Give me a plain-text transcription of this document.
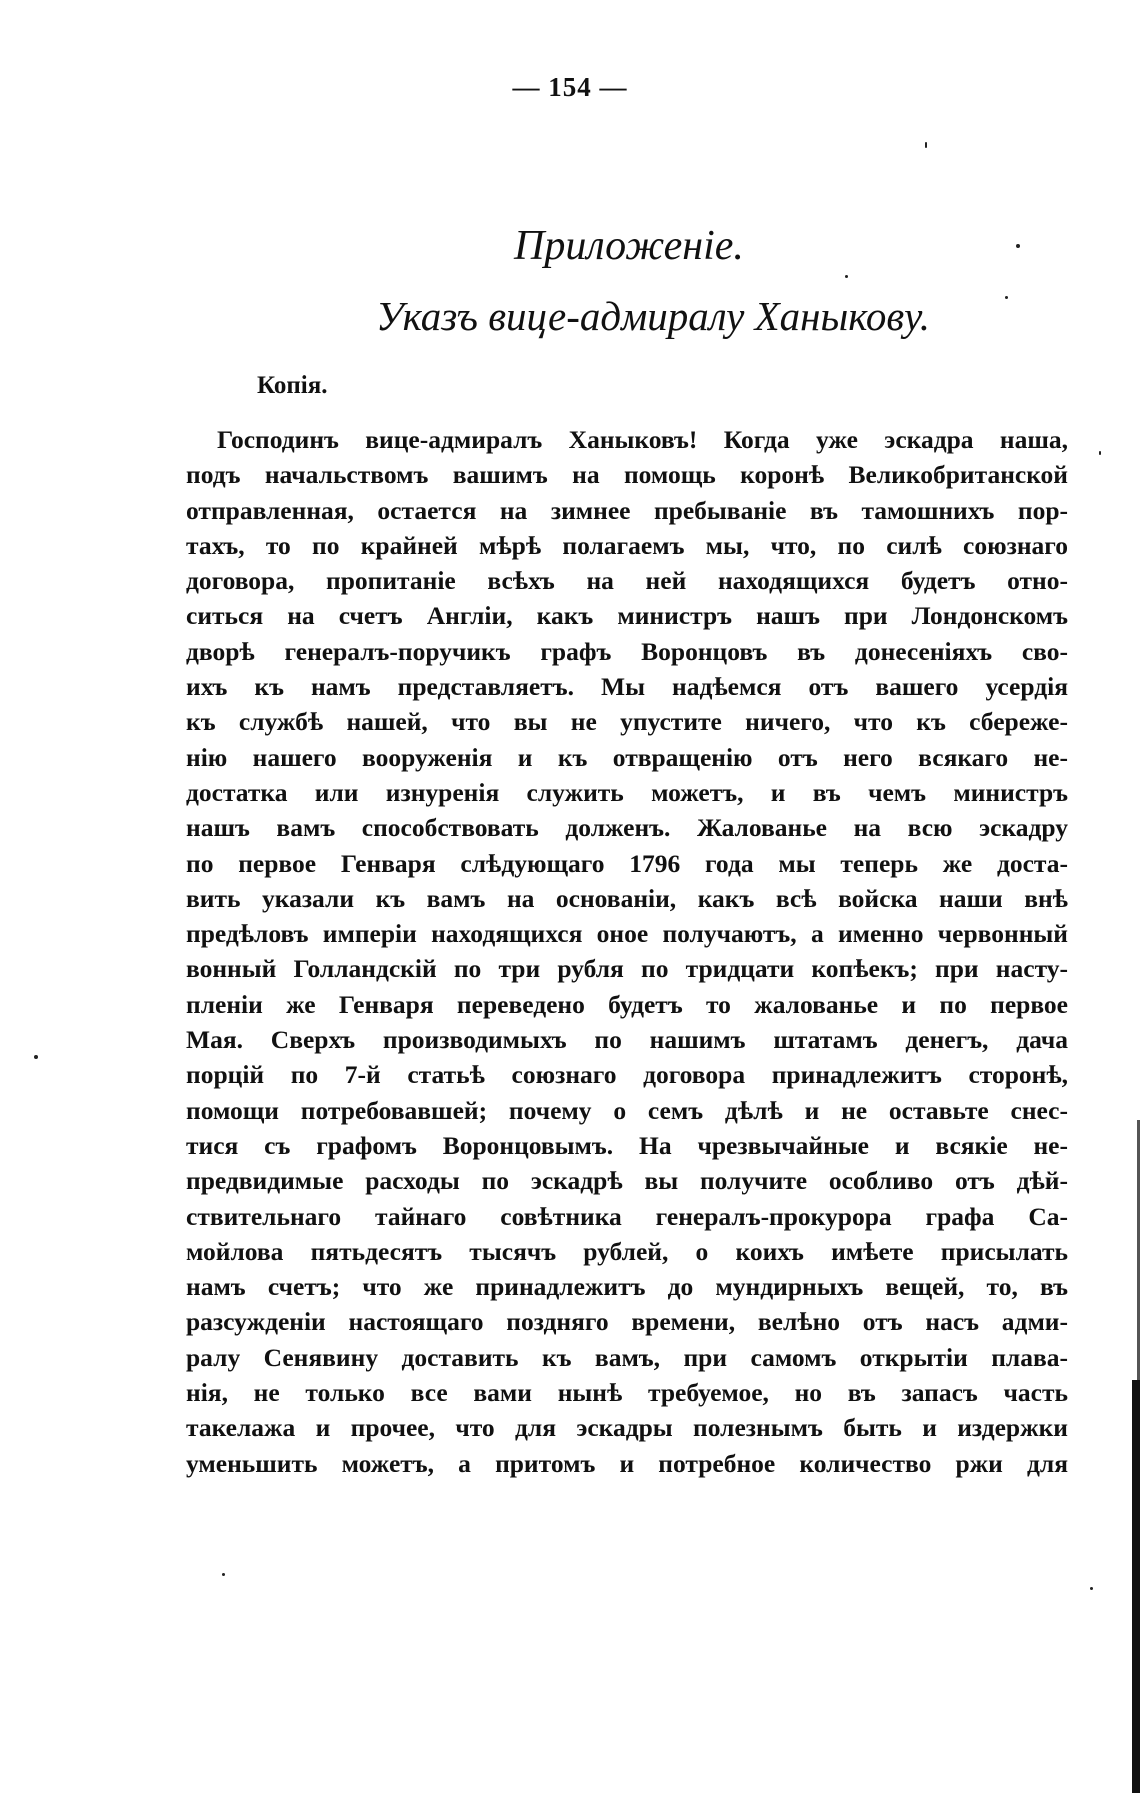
— 154 —
Приложеніе.
Указъ вице-адмиралу Ханыкову.
Копія.
Господинъ вице-адмиралъ Ханыковъ! Когда уже эскадра наша,
подъ начальствомъ вашимъ на помощь коронѣ Великобританской
отправленная, остается на зимнее пребываніе въ тамошнихъ пор-
тахъ, то по крайней мѣрѣ полагаемъ мы, что, по силѣ союзнаго
договора, пропитаніе всѣхъ на ней находящихся будетъ отно-
ситься на счетъ Англіи, какъ министръ нашъ при Лондонскомъ
дворѣ генералъ-поручикъ графъ Воронцовъ въ донесеніяхъ сво-
ихъ къ намъ представляетъ. Мы надѣемся отъ вашего усердія
къ службѣ нашей, что вы не упустите ничего, что къ сбереже-
нію нашего вооруженія и къ отвращенію отъ него всякаго не-
достатка или изнуренія служить можетъ, и въ чемъ министръ
нашъ вамъ способствовать долженъ. Жалованье на всю эскадру
по первое Генваря слѣдующаго 1796 года мы теперь же доста-
вить указали къ вамъ на основаніи, какъ всѣ войска наши внѣ
предѣловъ имперіи находящихся оное получаютъ, а именно червонный
вонный Голландскій по три рубля по тридцати копѣекъ; при насту-
пленіи же Генваря переведено будетъ то жалованье и по первое
Мая. Сверхъ производимыхъ по нашимъ штатамъ денегъ, дача
порцій по 7-й статьѣ союзнаго договора принадлежитъ сторонѣ,
помощи потребовавшей; почему о семъ дѣлѣ и не оставьте снес-
тися съ графомъ Воронцовымъ. На чрезвычайные и всякіе не-
предвидимые расходы по эскадрѣ вы получите особливо отъ дѣй-
ствительнаго тайнаго совѣтника генералъ-прокурора графа Са-
мойлова пятьдесятъ тысячъ рублей, о коихъ имѣете присылать
намъ счетъ; что же принадлежитъ до мундирныхъ вещей, то, въ
разсужденіи настоящаго поздняго времени, велѣно отъ насъ адми-
ралу Сенявину доставить къ вамъ, при самомъ открытіи плава-
нія, не только все вами нынѣ требуемое, но въ запасъ часть
такелажа и прочее, что для эскадры полезнымъ быть и издержки
уменьшить можетъ, а притомъ и потребное количество ржи для
